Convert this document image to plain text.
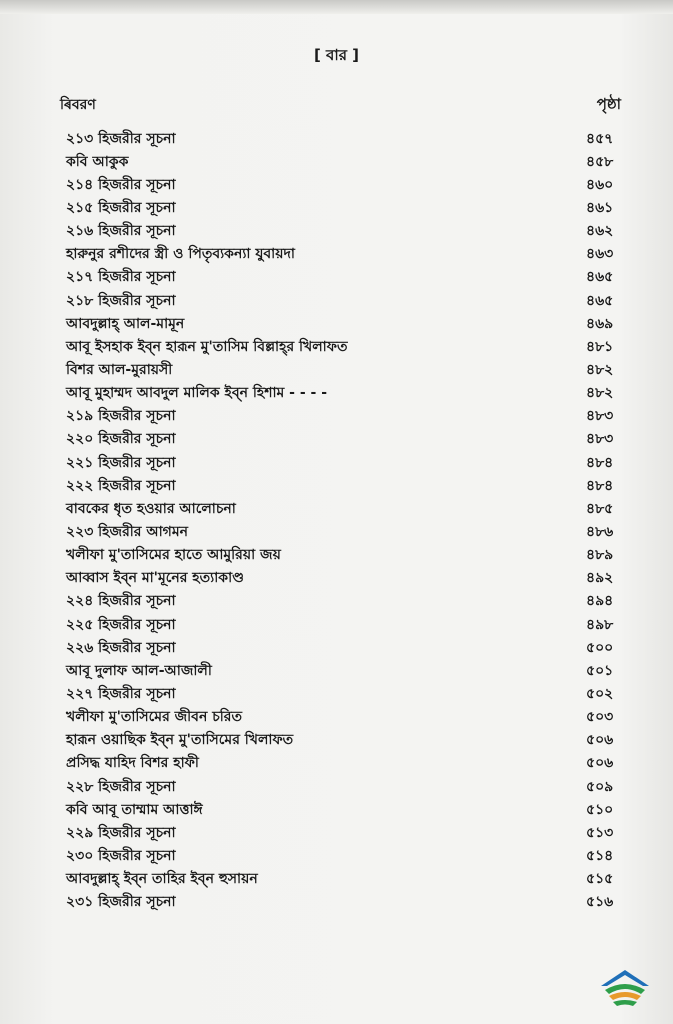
[ বার ]
ৰিবরণ	পৃষ্ঠা
২১৩ হিজরীর সূচনা	৪৫৭
কবি আকুক	৪৫৮
২১৪ হিজরীর সূচনা	৪৬০
২১৫ হিজরীর সূচনা	৪৬১
২১৬ হিজরীর সূচনা	৪৬২
হারুনুর রশীদের স্ত্রী ও পিতৃব্যকন্যা যুবায়দা	৪৬৩
২১৭ হিজরীর সূচনা	৪৬৫
২১৮ হিজরীর সূচনা	৪৬৫
আবদুল্লাহ্ আল-মামূন	৪৬৯
আবূ ইসহাক ইব্‌ন হারূন মু'তাসিম বিল্লাহ্‌র খিলাফত	৪৮১
বিশর আল-মুরায়সী	৪৮২
আবূ মুহাম্মদ আবদুল মালিক ইব্‌ন হিশাম - - - -	৪৮২
২১৯ হিজরীর সূচনা	৪৮৩
২২০ হিজরীর সূচনা	৪৮৩
২২১ হিজরীর সূচনা	৪৮৪
২২২ হিজরীর সূচনা	৪৮৪
বাবকের ধৃত হওয়ার আলোচনা	৪৮৫
২২৩ হিজরীর আগমন	৪৮৬
খলীফা মু'তাসিমের হাতে আমুরিয়া জয়	৪৮৯
আব্বাস ইব্‌ন মা'মূনের হত্যাকাণ্ড	৪৯২
২২৪ হিজরীর সূচনা	৪৯৪
২২৫ হিজরীর সূচনা	৪৯৮
২২৬ হিজরীর সূচনা	৫০০
আবূ দুলাফ আল-আজালী	৫০১
২২৭ হিজরীর সূচনা	৫০২
খলীফা মু'তাসিমের জীবন চরিত	৫০৩
হারূন ওয়াছিক ইব্‌ন মু'তাসিমের খিলাফত	৫০৬
প্রসিদ্ধ যাহিদ বিশর হাফী	৫০৬
২২৮ হিজরীর সূচনা	৫০৯
কবি আবূ তাম্মাম আত্তাঈ	৫১০
২২৯ হিজরীর সূচনা	৫১৩
২৩০ হিজরীর সূচনা	৫১৪
আবদুল্লাহ্ ইব্‌ন তাহির ইব্‌ন হুসায়ন	৫১৫
২৩১ হিজরীর সূচনা	৫১৬
